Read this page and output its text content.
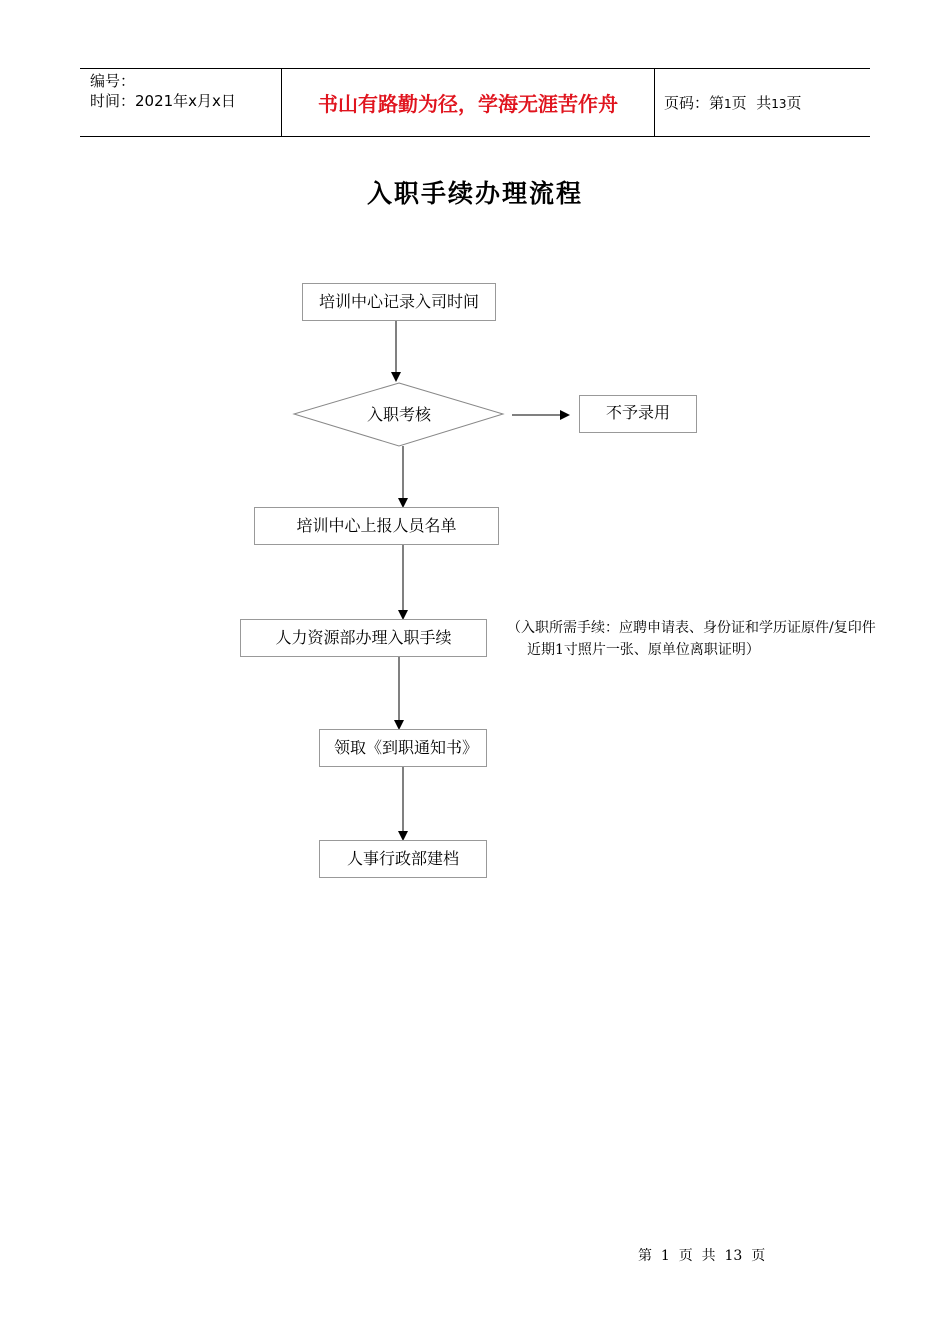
编号：
时间：2021年x月x日	书山有路勤为径，学海无涯苦作舟	页码：第1页  共13页
入职手续办理流程
培训中心记录入司时间
入职考核	不予录用
培训中心上报人员名单
人力资源部办理入职手续	（入职所需手续：应聘申请表、身份证和学历证原件/复印件
近期1寸照片一张、原单位离职证明）
领取《到职通知书》
人事行政部建档
第  1  页  共  13  页
